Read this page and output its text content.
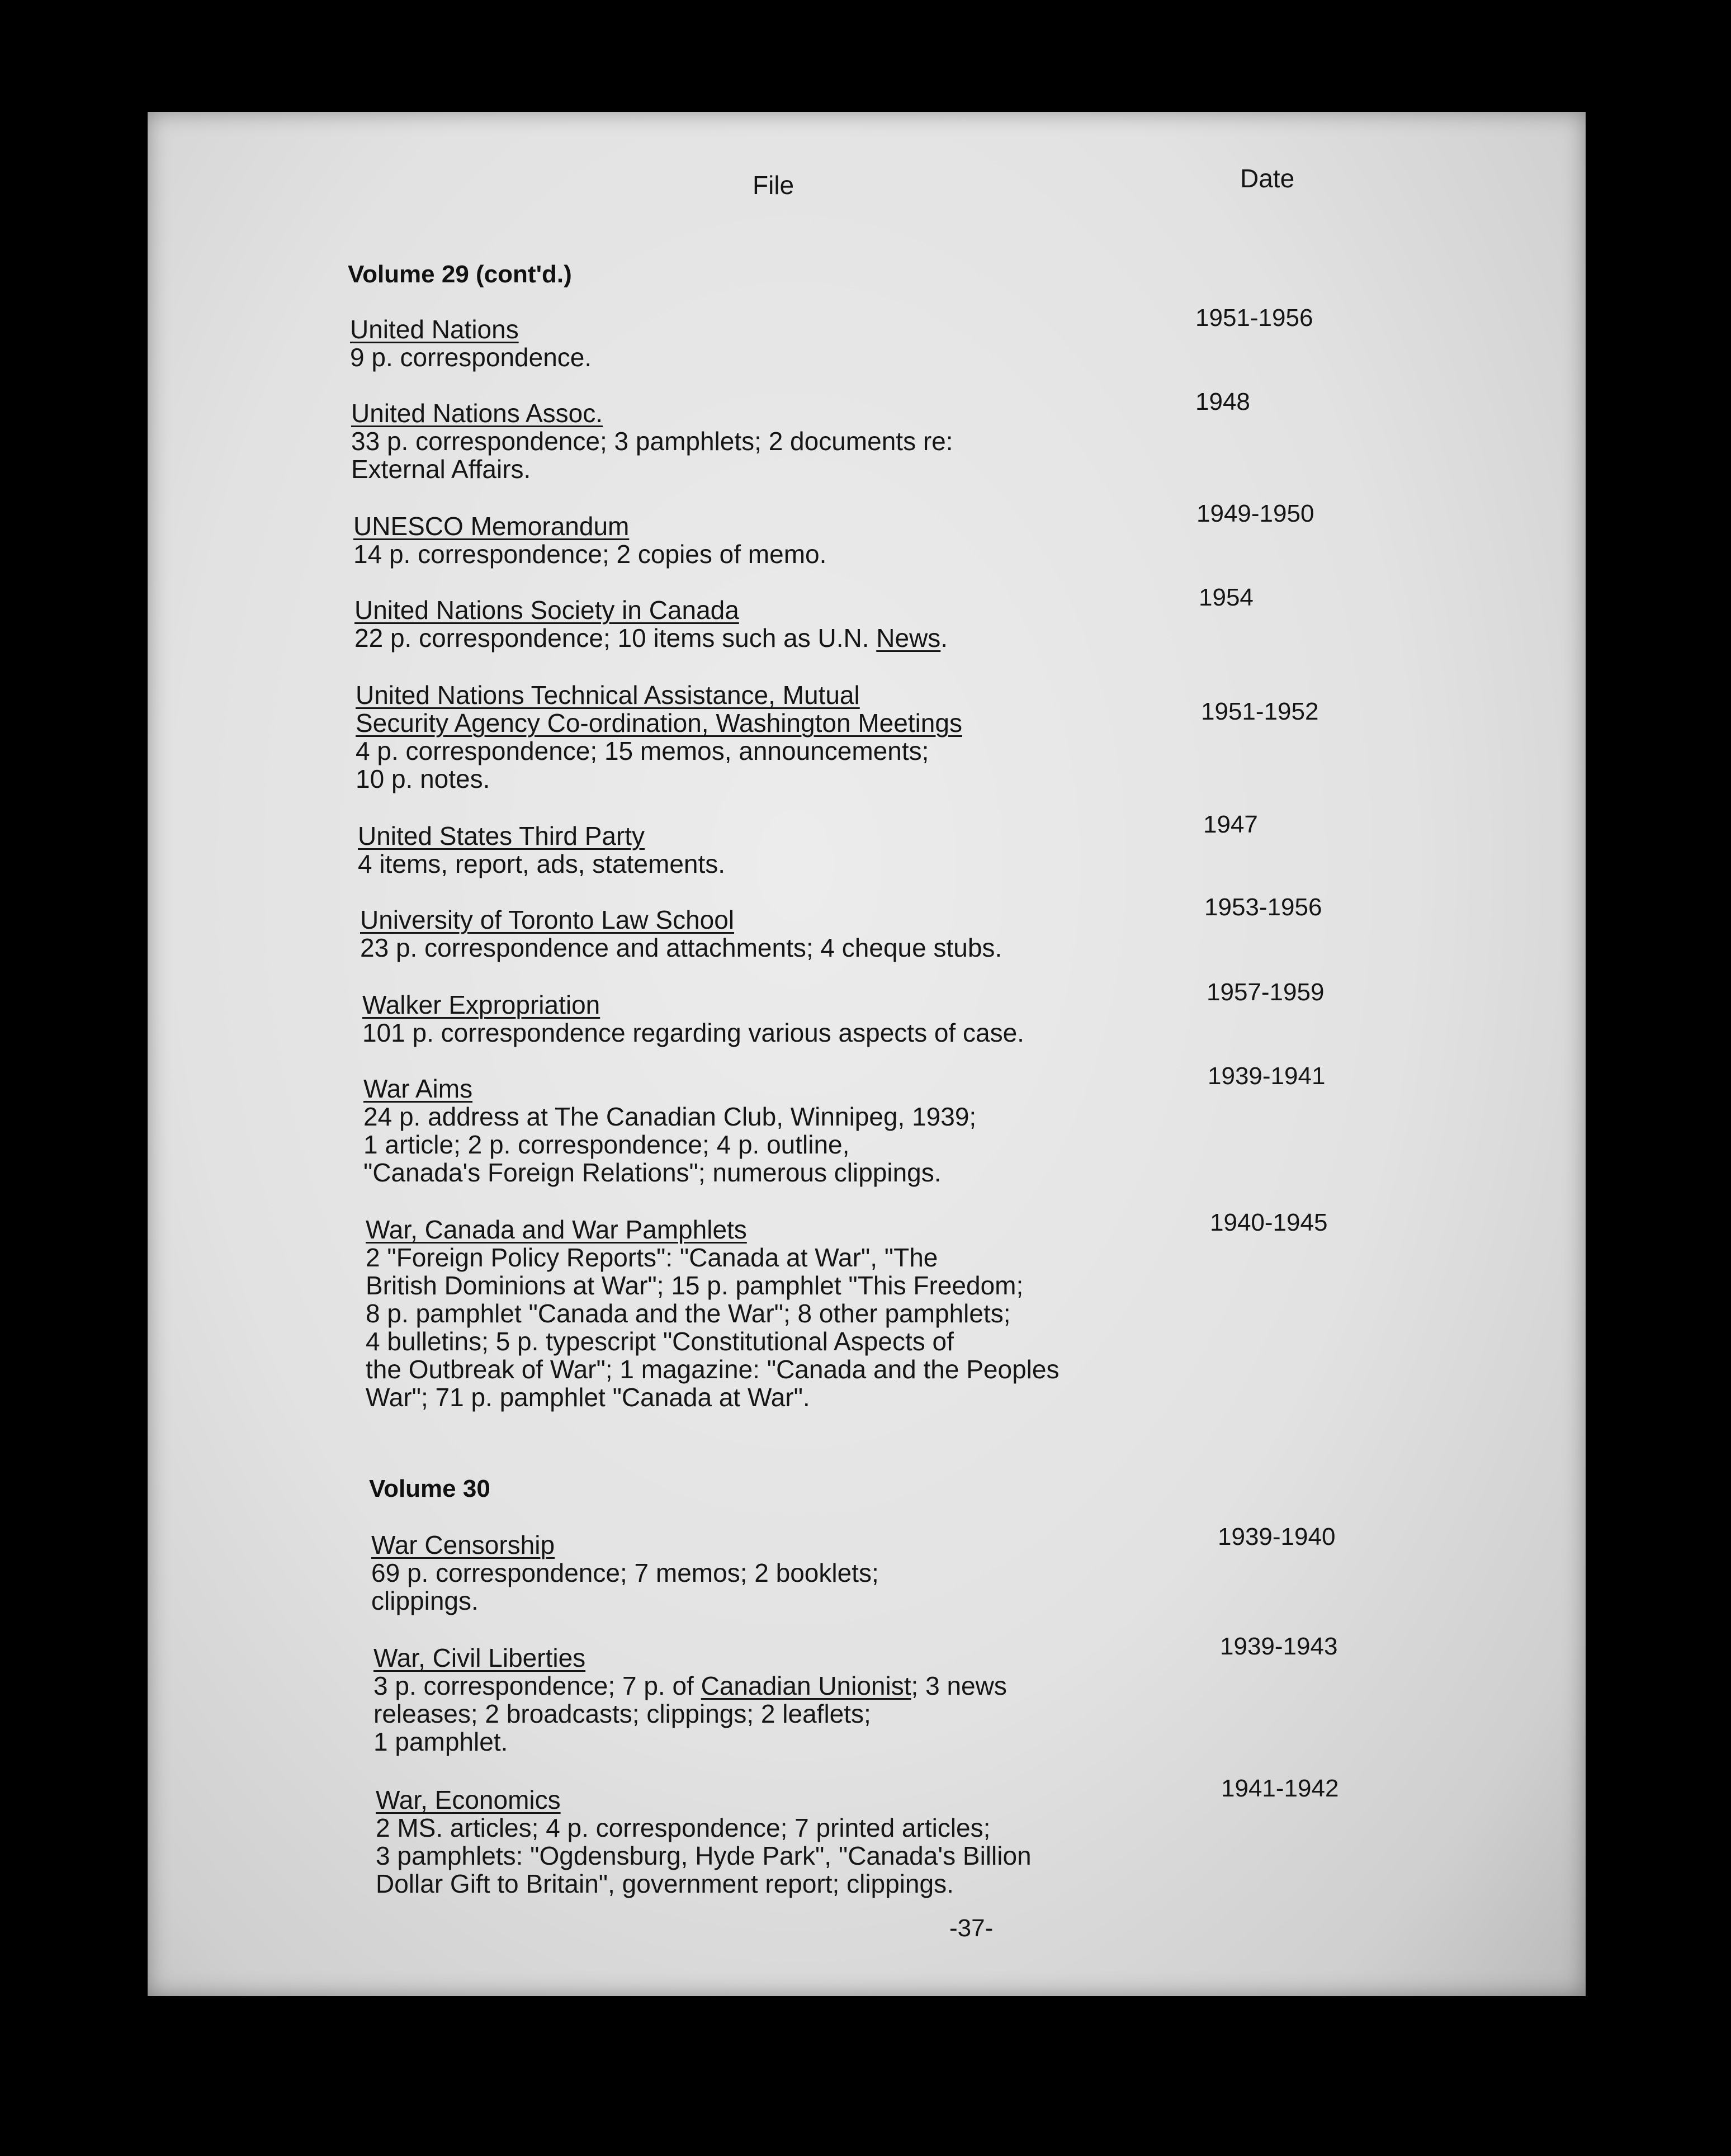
File	Date
Volume 29 (cont'd.)
United Nations
9 p. correspondence.
1951-1956
United Nations Assoc.
33 p. correspondence; 3 pamphlets; 2 documents re:
External Affairs.
1948
UNESCO Memorandum
14 p. correspondence; 2 copies of memo.
1949-1950
United Nations Society in Canada
22 p. correspondence; 10 items such as U.N. News.
1954
United Nations Technical Assistance, Mutual
Security Agency Co-ordination, Washington Meetings
4 p. correspondence; 15 memos, announcements;
10 p. notes.
1951-1952
United States Third Party
4 items, report, ads, statements.
1947
University of Toronto Law School
23 p. correspondence and attachments; 4 cheque stubs.
1953-1956
Walker Expropriation
101 p. correspondence regarding various aspects of case.
1957-1959
War Aims
24 p. address at The Canadian Club, Winnipeg, 1939;
1 article; 2 p. correspondence; 4 p. outline,
"Canada's Foreign Relations"; numerous clippings.
1939-1941
War, Canada and War Pamphlets
2 "Foreign Policy Reports": "Canada at War", "The
British Dominions at War"; 15 p. pamphlet "This Freedom;
8 p. pamphlet "Canada and the War"; 8 other pamphlets;
4 bulletins; 5 p. typescript "Constitutional Aspects of
the Outbreak of War"; 1 magazine: "Canada and the Peoples
War"; 71 p. pamphlet "Canada at War".
1940-1945
Volume 30
War Censorship
69 p. correspondence; 7 memos; 2 booklets;
clippings.
1939-1940
War, Civil Liberties
3 p. correspondence; 7 p. of Canadian Unionist; 3 news
releases; 2 broadcasts; clippings; 2 leaflets;
1 pamphlet.
1939-1943
War, Economics
2 MS. articles; 4 p. correspondence; 7 printed articles;
3 pamphlets: "Ogdensburg, Hyde Park", "Canada's Billion
Dollar Gift to Britain", government report; clippings.
1941-1942
-37-
